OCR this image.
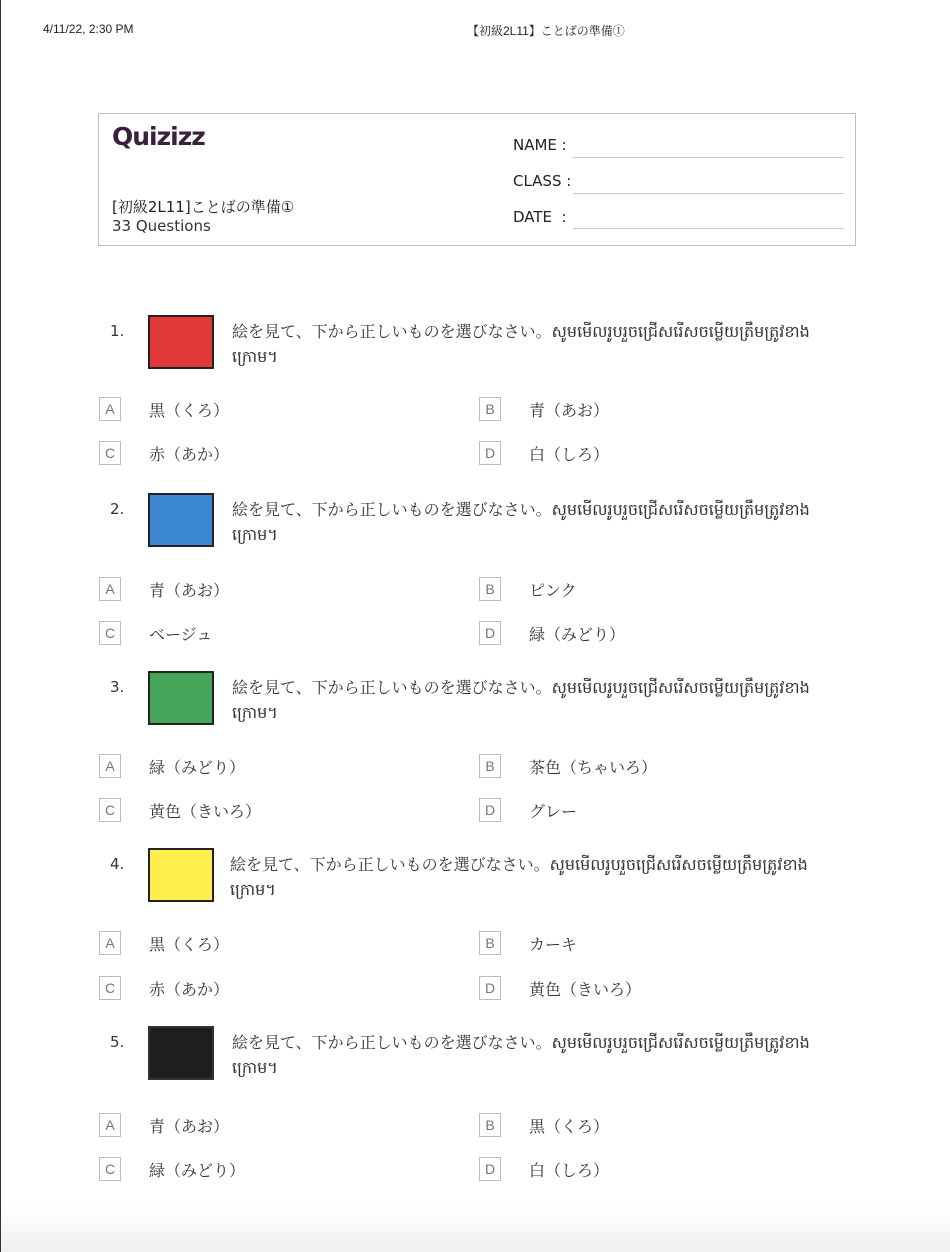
4/11/22, 2:30 PM	【初級2L11】ことばの準備①
Quizizz
[初級2L11]ことばの準備①
33 Questions
NAME :
CLASS :
DATE  :
1.	絵を見て、下から正しいものを選びなさい。សូមមើលរូបរួចជ្រើសរើសចម្លើយត្រឹមត្រូវខាងក្រោម។
A	黒（くろ）	B	青（あお）
C	赤（あか）	D	白（しろ）
2.	絵を見て、下から正しいものを選びなさい。សូមមើលរូបរួចជ្រើសរើសចម្លើយត្រឹមត្រូវខាងក្រោម។
A	青（あお）	B	ピンク
C	ベージュ	D	緑（みどり）
3.	絵を見て、下から正しいものを選びなさい。សូមមើលរូបរួចជ្រើសរើសចម្លើយត្រឹមត្រូវខាងក្រោម។
A	緑（みどり）	B	茶色（ちゃいろ）
C	黄色（きいろ）	D	グレー
4.	絵を見て、下から正しいものを選びなさい。សូមមើលរូបរួចជ្រើសរើសចម្លើយត្រឹមត្រូវខាងក្រោម។
A	黒（くろ）	B	カーキ
C	赤（あか）	D	黄色（きいろ）
5.	絵を見て、下から正しいものを選びなさい。សូមមើលរូបរួចជ្រើសរើសចម្លើយត្រឹមត្រូវខាងក្រោម។
A	青（あお）	B	黒（くろ）
C	緑（みどり）	D	白（しろ）
